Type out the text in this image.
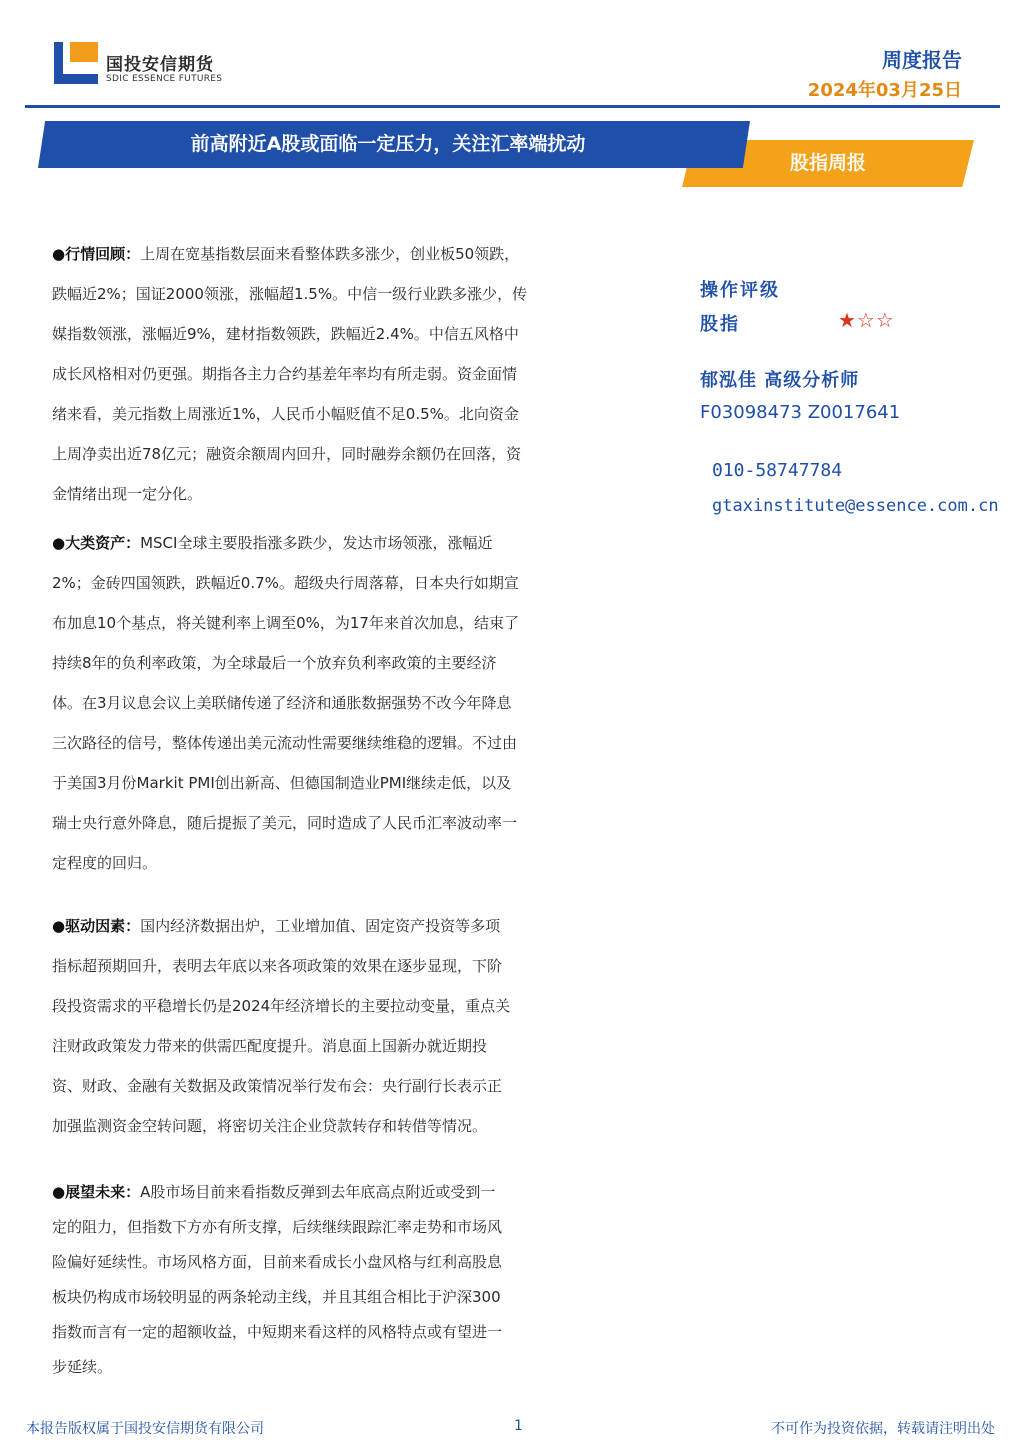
国投安信期货
SDIC ESSENCE FUTURES
周度报告
2024年03月25日
前高附近A股或面临一定压力，关注汇率端扰动
股指周报
●行情回顾：上周在宽基指数层面来看整体跌多涨少，创业板50领跌，
跌幅近2%；国证2000领涨，涨幅超1.5%。中信一级行业跌多涨少，传
媒指数领涨，涨幅近9%，建材指数领跌，跌幅近2.4%。中信五风格中
成长风格相对仍更强。期指各主力合约基差年率均有所走弱。资金面情
绪来看，美元指数上周涨近1%，人民币小幅贬值不足0.5%。北向资金
上周净卖出近78亿元；融资余额周内回升，同时融券余额仍在回落，资
金情绪出现一定分化。
●大类资产：MSCI全球主要股指涨多跌少，发达市场领涨，涨幅近
2%；金砖四国领跌，跌幅近0.7%。超级央行周落幕，日本央行如期宣
布加息10个基点，将关键利率上调至0%，为17年来首次加息，结束了
持续8年的负利率政策，为全球最后一个放弃负利率政策的主要经济
体。在3月议息会议上美联储传递了经济和通胀数据强势不改今年降息
三次路径的信号，整体传递出美元流动性需要继续维稳的逻辑。不过由
于美国3月份Markit PMI创出新高、但德国制造业PMI继续走低，以及
瑞士央行意外降息，随后提振了美元，同时造成了人民币汇率波动率一
定程度的回归。
●驱动因素：国内经济数据出炉，工业增加值、固定资产投资等多项
指标超预期回升，表明去年底以来各项政策的效果在逐步显现，下阶
段投资需求的平稳增长仍是2024年经济增长的主要拉动变量，重点关
注财政政策发力带来的供需匹配度提升。消息面上国新办就近期投
资、财政、金融有关数据及政策情况举行发布会：央行副行长表示正
加强监测资金空转问题，将密切关注企业贷款转存和转借等情况。
●展望未来：A股市场目前来看指数反弹到去年底高点附近或受到一
定的阻力，但指数下方亦有所支撑，后续继续跟踪汇率走势和市场风
险偏好延续性。市场风格方面，目前来看成长小盘风格与红利高股息
板块仍构成市场较明显的两条轮动主线，并且其组合相比于沪深300
指数而言有一定的超额收益，中短期来看这样的风格特点或有望进一
步延续。
操作评级
股指	★☆☆
郁泓佳 高级分析师
F03098473 Z0017641
010-58747784
gtaxinstitute@essence.com.cn
本报告版权属于国投安信期货有限公司	1	不可作为投资依据，转载请注明出处
